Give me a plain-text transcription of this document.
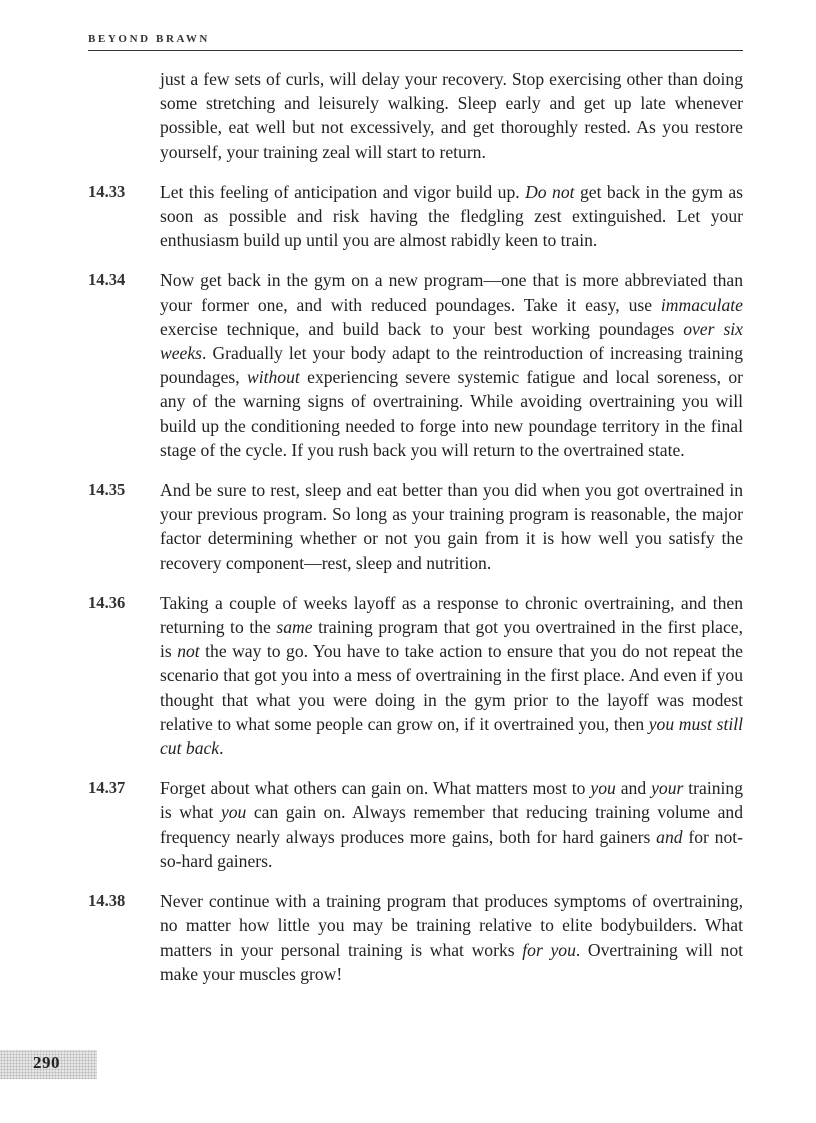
BEYOND BRAWN

just a few sets of curls, will delay your recovery. Stop exercising other than doing some stretching and leisurely walking. Sleep early and get up late whenever possible, eat well but not excessively, and get thoroughly rested. As you restore yourself, your training zeal will start to return.

14.33	Let this feeling of anticipation and vigor build up. Do not get back in the gym as soon as possible and risk having the fledgling zest extinguished. Let your enthusiasm build up until you are almost rabidly keen to train.

14.34	Now get back in the gym on a new program—one that is more abbreviated than your former one, and with reduced poundages. Take it easy, use immaculate exercise technique, and build back to your best working poundages over six weeks. Gradually let your body adapt to the reintroduction of increasing training poundages, without experiencing severe systemic fatigue and local soreness, or any of the warning signs of overtraining. While avoiding overtraining you will build up the conditioning needed to forge into new poundage territory in the final stage of the cycle. If you rush back you will return to the overtrained state.

14.35	And be sure to rest, sleep and eat better than you did when you got overtrained in your previous program. So long as your training program is reasonable, the major factor determining whether or not you gain from it is how well you satisfy the recovery component—rest, sleep and nutrition.

14.36	Taking a couple of weeks layoff as a response to chronic overtraining, and then returning to the same training program that got you overtrained in the first place, is not the way to go. You have to take action to ensure that you do not repeat the scenario that got you into a mess of overtraining in the first place. And even if you thought that what you were doing in the gym prior to the layoff was modest relative to what some people can grow on, if it overtrained you, then you must still cut back.

14.37	Forget about what others can gain on. What matters most to you and your training is what you can gain on. Always remember that reducing training volume and frequency nearly always produces more gains, both for hard gainers and for not-so-hard gainers.

14.38	Never continue with a training program that produces symptoms of overtraining, no matter how little you may be training relative to elite bodybuilders. What matters in your personal training is what works for you. Overtraining will not make your muscles grow!

290
